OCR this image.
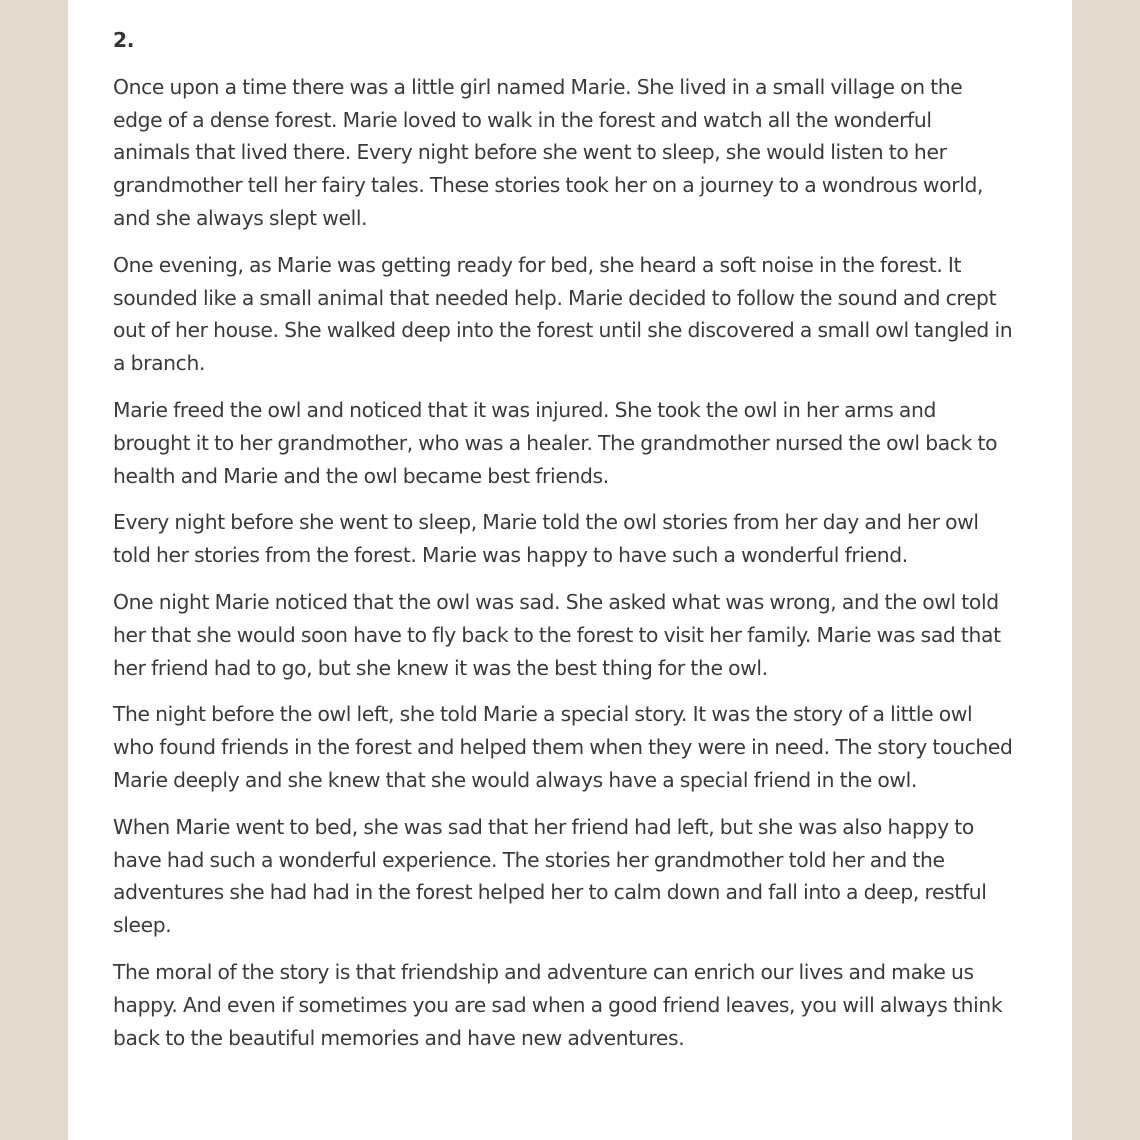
2.

Once upon a time there was a little girl named Marie. She lived in a small village on the edge of a dense forest. Marie loved to walk in the forest and watch all the wonderful animals that lived there. Every night before she went to sleep, she would listen to her grandmother tell her fairy tales. These stories took her on a journey to a wondrous world, and she always slept well.

One evening, as Marie was getting ready for bed, she heard a soft noise in the forest. It sounded like a small animal that needed help. Marie decided to follow the sound and crept out of her house. She walked deep into the forest until she discovered a small owl tangled in a branch.

Marie freed the owl and noticed that it was injured. She took the owl in her arms and brought it to her grandmother, who was a healer. The grandmother nursed the owl back to health and Marie and the owl became best friends.

Every night before she went to sleep, Marie told the owl stories from her day and her owl told her stories from the forest. Marie was happy to have such a wonderful friend.

One night Marie noticed that the owl was sad. She asked what was wrong, and the owl told her that she would soon have to fly back to the forest to visit her family. Marie was sad that her friend had to go, but she knew it was the best thing for the owl.

The night before the owl left, she told Marie a special story. It was the story of a little owl who found friends in the forest and helped them when they were in need. The story touched Marie deeply and she knew that she would always have a special friend in the owl.

When Marie went to bed, she was sad that her friend had left, but she was also happy to have had such a wonderful experience. The stories her grandmother told her and the adventures she had had in the forest helped her to calm down and fall into a deep, restful sleep.

The moral of the story is that friendship and adventure can enrich our lives and make us happy. And even if sometimes you are sad when a good friend leaves, you will always think back to the beautiful memories and have new adventures.
